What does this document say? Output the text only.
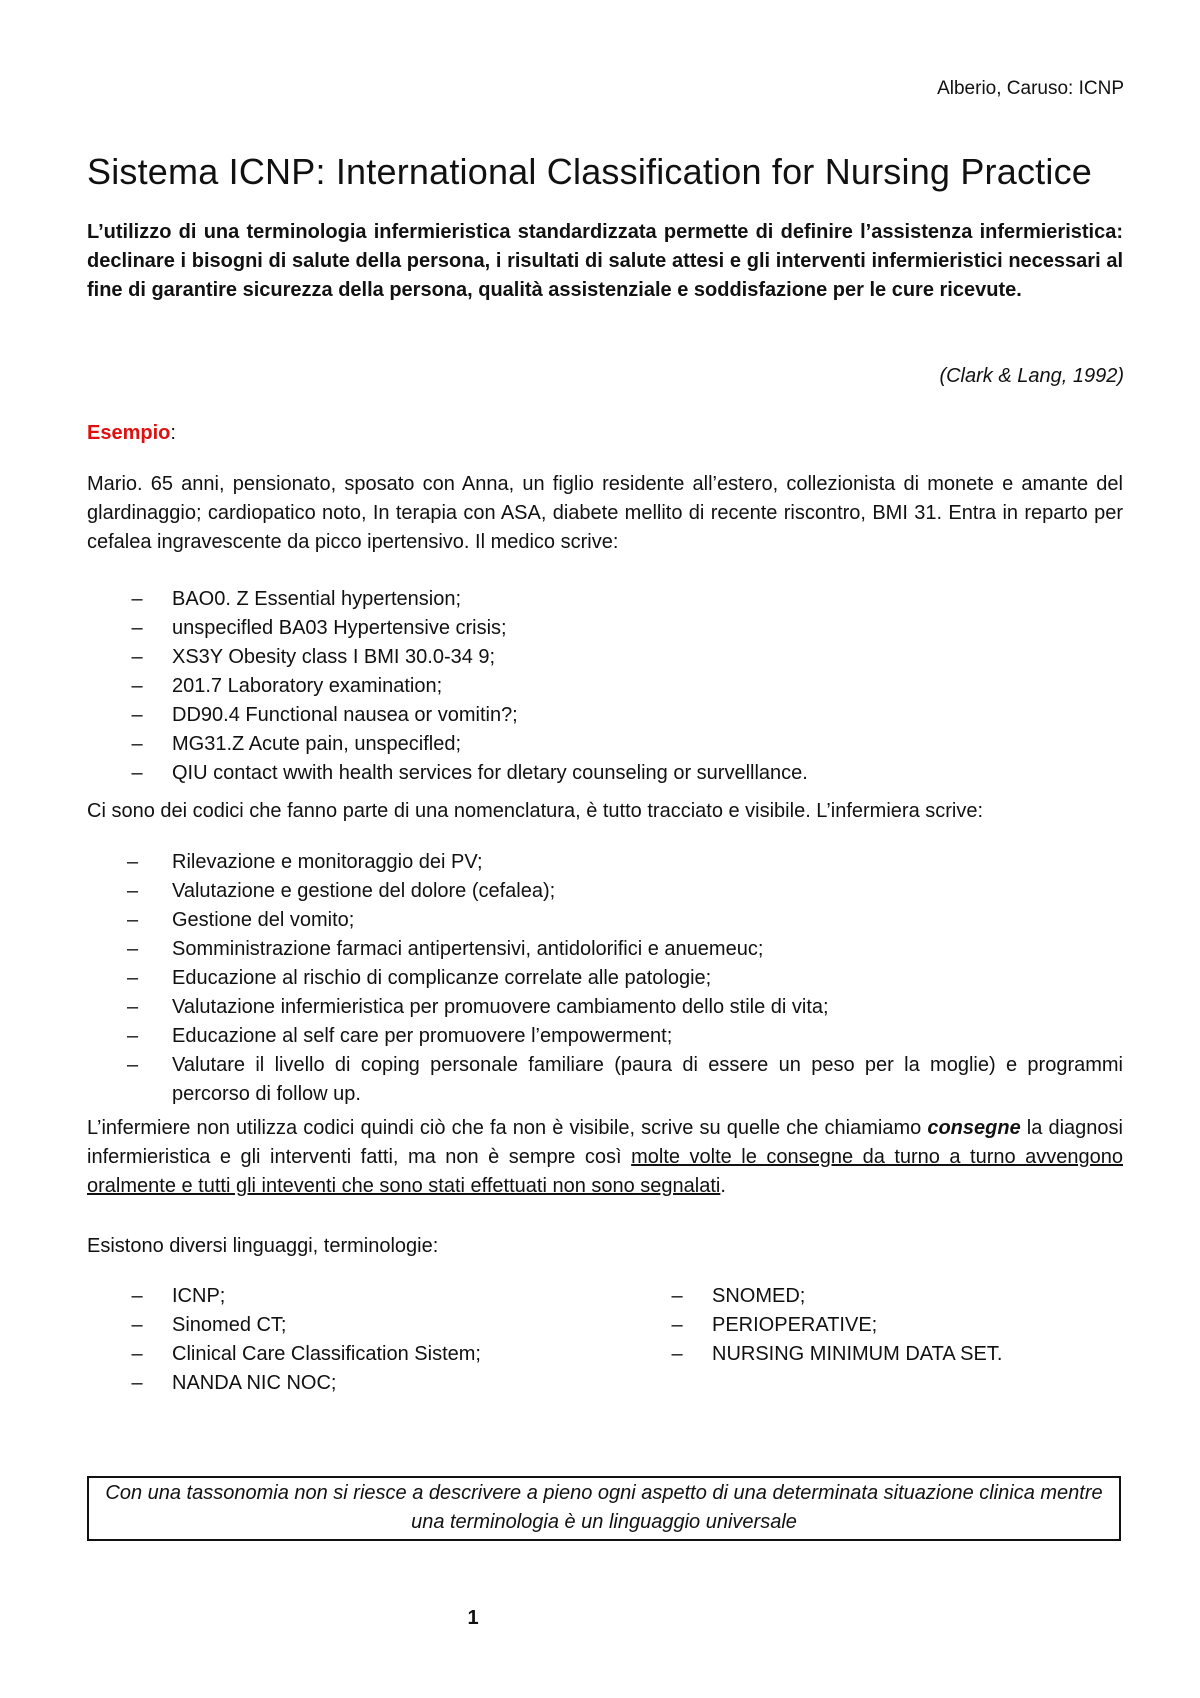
Alberio, Caruso: ICNP
Sistema ICNP: International Classification for Nursing Practice

L’utilizzo di una terminologia infermieristica standardizzata permette di definire l’assistenza infermieristica: declinare i bisogni di salute della persona, i risultati di salute attesi e gli interventi infermieristici necessari al fine di garantire sicurezza della persona, qualità assistenziale e soddisfazione per le cure ricevute.

(Clark & Lang, 1992)
Esempio:

Mario. 65 anni, pensionato, sposato con Anna, un figlio residente all’estero, collezionista di monete e amante del glardinaggio; cardiopatico noto, In terapia con ASA, diabete mellito di recente riscontro, BMI 31. Entra in reparto per cefalea ingravescente da picco ipertensivo. Il medico scrive:

– BAO0. Z Essential hypertension;
– unspecifled BA03 Hypertensive crisis;
– XS3Y Obesity class I BMI 30.0-34 9;
– 201.7 Laboratory examination;
– DD90.4 Functional nausea or vomitin?;
– MG31.Z Acute pain, unspecifled;
– QIU contact wwith health services for dletary counseling or survelllance.

Ci sono dei codici che fanno parte di una nomenclatura, è tutto tracciato e visibile. L’infermiera scrive:

–	Rilevazione e monitoraggio dei PV;
–	Valutazione e gestione del dolore (cefalea);
–	Gestione del vomito;
–	Somministrazione farmaci antipertensivi, antidolorifici e anuemeuc;
–	Educazione al rischio di complicanze correlate alle patologie;
–	Valutazione infermieristica per promuovere cambiamento dello stile di vita;
–	Educazione al self care per promuovere l’empowerment;
–	Valutare il livello di coping personale familiare (paura di essere un peso per la moglie) e programmi percorso di follow up.

L’infermiere non utilizza codici quindi ciò che fa non è visibile, scrive su quelle che chiamiamo consegne la diagnosi infermieristica e gli interventi fatti, ma non è sempre così molte volte le consegne da turno a turno avvengono oralmente e tutti gli inteventi che sono stati effettuati non sono segnalati.

Esistono diversi linguaggi, terminologie:

– ICNP;
– Sinomed CT;
– Clinical Care Classification Sistem;
– NANDA NIC NOC;
– SNOMED;
– PERIOPERATIVE;
– NURSING MINIMUM DATA SET.
Con una tassonomia non si riesce a descrivere a pieno ogni aspetto di una determinata situazione clinica mentre una terminologia è un linguaggio universale
1
